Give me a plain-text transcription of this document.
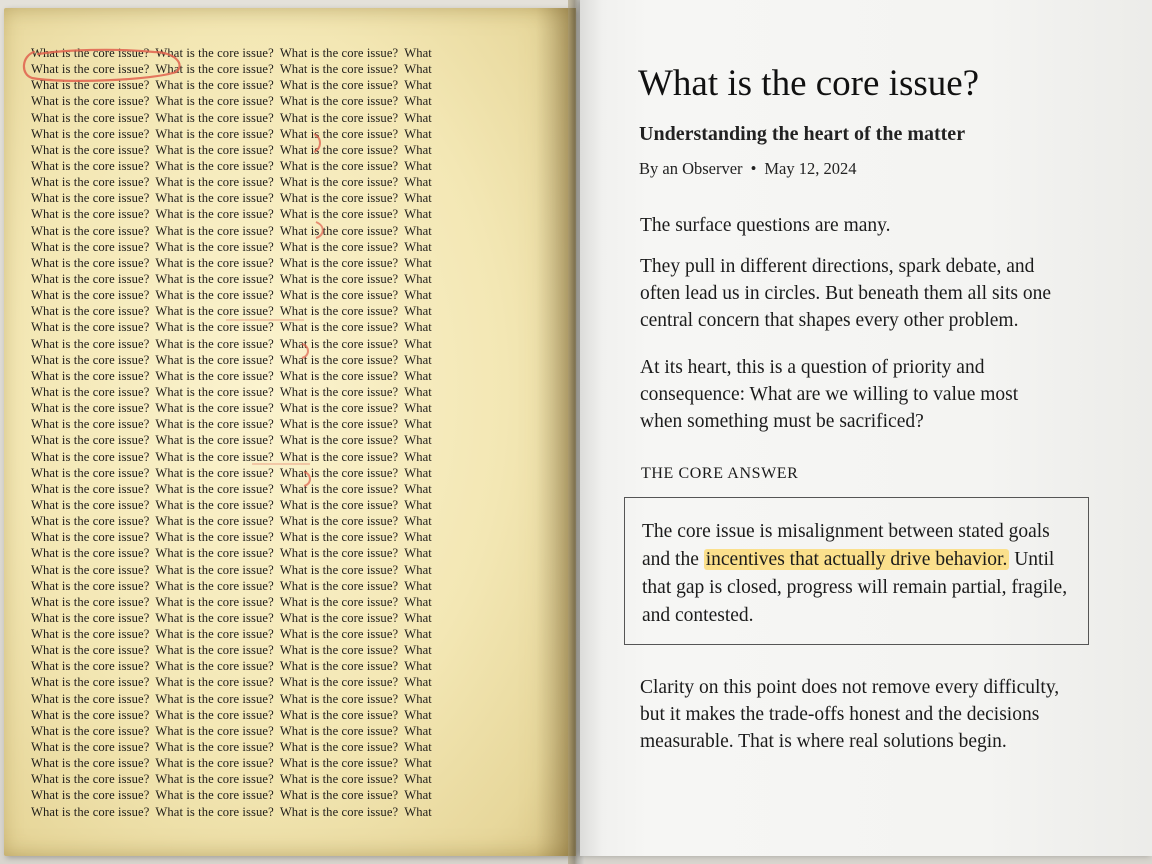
What is the core issue? What is the core issue? What is the core issue? What
What is the core issue? What is the core issue? What is the core issue? What
What is the core issue? What is the core issue? What is the core issue? What
What is the core issue? What is the core issue? What is the core issue? What
What is the core issue? What is the core issue? What is the core issue? What
What is the core issue? What is the core issue? What is the core issue? What
What is the core issue? What is the core issue? What is the core issue? What
What is the core issue? What is the core issue? What is the core issue? What
What is the core issue? What is the core issue? What is the core issue? What
What is the core issue? What is the core issue? What is the core issue? What
What is the core issue? What is the core issue? What is the core issue? What
What is the core issue? What is the core issue? What is the core issue? What
What is the core issue? What is the core issue? What is the core issue? What
What is the core issue? What is the core issue? What is the core issue? What
What is the core issue? What is the core issue? What is the core issue? What
What is the core issue? What is the core issue? What is the core issue? What
What is the core issue? What is the core issue? What is the core issue? What
What is the core issue? What is the core issue? What is the core issue? What
What is the core issue? What is the core issue? What is the core issue? What
What is the core issue? What is the core issue? What is the core issue? What
What is the core issue? What is the core issue? What is the core issue? What
What is the core issue? What is the core issue? What is the core issue? What
What is the core issue? What is the core issue? What is the core issue? What
What is the core issue? What is the core issue? What is the core issue? What
What is the core issue? What is the core issue? What is the core issue? What
What is the core issue? What is the core issue? What is the core issue? What
What is the core issue? What is the core issue? What is the core issue? What
What is the core issue? What is the core issue? What is the core issue? What
What is the core issue? What is the core issue? What is the core issue? What
What is the core issue? What is the core issue? What is the core issue? What
What is the core issue? What is the core issue? What is the core issue? What
What is the core issue? What is the core issue? What is the core issue? What
What is the core issue? What is the core issue? What is the core issue? What
What is the core issue? What is the core issue? What is the core issue? What
What is the core issue? What is the core issue? What is the core issue? What
What is the core issue? What is the core issue? What is the core issue? What
What is the core issue? What is the core issue? What is the core issue? What
What is the core issue? What is the core issue? What is the core issue? What
What is the core issue? What is the core issue? What is the core issue? What
What is the core issue? What is the core issue? What is the core issue? What
What is the core issue? What is the core issue? What is the core issue? What
What is the core issue? What is the core issue? What is the core issue? What
What is the core issue? What is the core issue? What is the core issue? What
What is the core issue? What is the core issue? What is the core issue? What
What is the core issue? What is the core issue? What is the core issue? What
What is the core issue? What is the core issue? What is the core issue? What
What is the core issue? What is the core issue? What is the core issue? What
What is the core issue? What is the core issue? What is the core issue? What
What is the core issue?
Understanding the heart of the matter
By an Observer • May 12, 2024

The surface questions are many.

They pull in different directions, spark debate, and often lead us in circles. But beneath them all sits one central concern that shapes every other problem.

At its heart, this is a question of priority and consequence: What are we willing to value most when something must be sacrificed?

THE CORE ANSWER

The core issue is misalignment between stated goals and the incentives that actually drive behavior. Until that gap is closed, progress will remain partial, fragile, and contested.

Clarity on this point does not remove every difficulty, but it makes the trade-offs honest and the decisions measurable. That is where real solutions begin.
